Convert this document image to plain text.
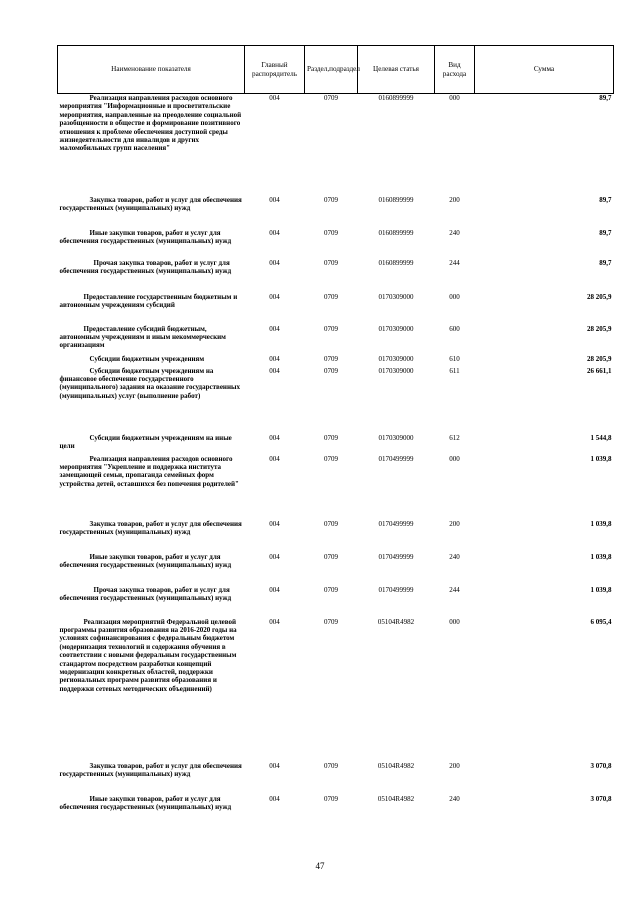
Наименование показателя	Главный распорядитель	Раздел,подраздел	Целевая статья	Вид расхода	Сумма
Реализация направления расходов основного мероприятия "Информационные и просветительские мероприятия, направленные на преодоление социальной разобщенности в обществе и формирование позитивного отношения к проблеме обеспечения доступной среды жизнедеятельности для инвалидов и других маломобильных групп населения"	004	0709	0160899999	000	89,7
Закупка товаров, работ и услуг для обеспечения государственных (муниципальных) нужд	004	0709	0160899999	200	89,7
Иные закупки товаров, работ и услуг для обеспечения государственных (муниципальных) нужд	004	0709	0160899999	240	89,7
Прочая закупка товаров, работ и услуг для обеспечения государственных (муниципальных) нужд	004	0709	0160899999	244	89,7
Предоставление государственным бюджетным и автономным учреждениям субсидий	004	0709	0170309000	000	28 205,9
Предоставление субсидий бюджетным, автономным учреждениям и иным некоммерческим организациям	004	0709	0170309000	600	28 205,9
Субсидии бюджетным учреждениям	004	0709	0170309000	610	28 205,9
Субсидии бюджетным учреждениям на финансовое обеспечение государственного (муниципального) задания на оказание государственных (муниципальных) услуг (выполнение работ)	004	0709	0170309000	611	26 661,1
Субсидии бюджетным учреждениям на иные цели	004	0709	0170309000	612	1 544,8
Реализация направления расходов основного мероприятия "Укрепление и поддержка института замещающей семьи, пропаганда семейных форм устройства детей, оставшихся без попечения родителей"	004	0709	0170499999	000	1 039,8
Закупка товаров, работ и услуг для обеспечения государственных (муниципальных) нужд	004	0709	0170499999	200	1 039,8
Иные закупки товаров, работ и услуг для обеспечения государственных (муниципальных) нужд	004	0709	0170499999	240	1 039,8
Прочая закупка товаров, работ и услуг для обеспечения государственных (муниципальных) нужд	004	0709	0170499999	244	1 039,8
Реализация мероприятий Федеральной целевой программы развития образования на 2016-2020 годы на условиях софинансирования с федеральным бюджетом (модернизация технологий и содержания обучения в соответствии с новыми федеральным государственным стандартом посредством разработки концепций модернизации конкретных областей, поддержки региональных программ развития образования и поддержки сетевых методических объединений)	004	0709	05104R4982	000	6 095,4
Закупка товаров, работ и услуг для обеспечения государственных (муниципальных) нужд	004	0709	05104R4982	200	3 070,8
Иные закупки товаров, работ и услуг для обеспечения государственных (муниципальных) нужд	004	0709	05104R4982	240	3 070,8
47
